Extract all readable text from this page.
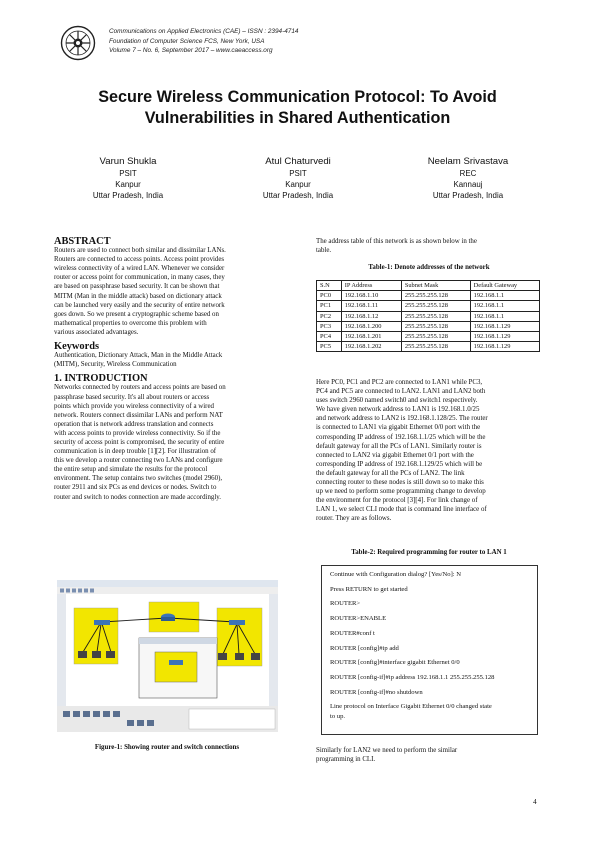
Communications on Applied Electronics (CAE) – ISSN : 2394-4714
Foundation of Computer Science FCS, New York, USA
Volume 7 – No. 6, September 2017 – www.caeaccess.org
Secure Wireless Communication Protocol: To Avoid
Vulnerabilities in Shared Authentication
Varun Shukla
PSIT
Kanpur
Uttar Pradesh, India
Atul Chaturvedi
PSIT
Kanpur
Uttar Pradesh, India
Neelam Srivastava
REC
Kannauj
Uttar Pradesh, India
ABSTRACT
Routers are used to connect both similar and dissimilar LANs.
Routers are connected to access points. Access point provides
wireless connectivity of a wired LAN. Whenever we consider
router or access point for communication, in many cases, they
are based on passphrase based security. It can be shown that
MITM (Man in the middle attack) based on dictionary attack
can be launched very easily and the security of entire network
goes down. So we present a cryptographic scheme based on
mathematical properties to overcome this problem with
various associated advantages.
Keywords
Authentication, Dictionary Attack, Man in the Middle Attack
(MITM), Security, Wireless Communication
1. INTRODUCTION
Networks connected by routers and access points are based on
passphrase based security. It's all about routers or access
points which provide you wireless connectivity of a wired
network. Routers connect dissimilar LANs and perform NAT
operation that is network address translation and connects
with access points to provide wireless connectivity. So if the
security of access point is compromised, the security of entire
communication is in deep trouble [1][2]. For illustration of
this we develop a router connecting two LANs and configure
the entire setup and simulate the results for the protocol
environment. The setup contains two switches (model 2960),
router 2911 and six PCs as end devices or nodes. Switch to
router and switch to nodes connection are made accordingly.
Figure-1: Showing router and switch connections
The address table of this network is as shown below in the
table.
Table-1: Denote addresses of the network
S.N	IP Address	Subnet Mask	Default Gateway
PC0	192.168.1.10	255.255.255.128	192.168.1.1
PC1	192.168.1.11	255.255.255.128	192.168.1.1
PC2	192.168.1.12	255.255.255.128	192.168.1.1
PC3	192.168.1.200	255.255.255.128	192.168.1.129
PC4	192.168.1.201	255.255.255.128	192.168.1.129
PC5	192.168.1.202	255.255.255.128	192.168.1.129
Here PC0, PC1 and PC2 are connected to LAN1 while PC3,
PC4 and PC5 are connected to LAN2. LAN1 and LAN2 both
uses switch 2960 named switch0 and switch1 respectively.
We have given network address to LAN1 is 192.168.1.0/25
and network address to LAN2 is 192.168.1.128/25. The router
is connected to LAN1 via gigabit Ethernet 0/0 port with the
corresponding IP address of 192.168.1.1/25 which will be the
default gateway for all the PCs of LAN1. Similarly router is
connected to LAN2 via gigabit Ethernet 0/1 port with the
corresponding IP address of 192.168.1.129/25 which will be
the default gateway for all the PCs of LAN2. The link
connecting router to these nodes is still down so to make this
up we need to perform some programming change to develop
the environment for the protocol [3][4]. For link change of
LAN 1, we select CLI mode that is command line interface of
router. They are as follows.
Table-2: Required programming for router to LAN 1
Continue with Configuration dialog? [Yes/No]: N
Press RETURN to get started
ROUTER>
ROUTER>ENABLE
ROUTER#conf t
ROUTER [config]#ip add
ROUTER [config]#interface gigabit Ethernet 0/0
ROUTER [config-if]#ip address 192.168.1.1 255.255.255.128
ROUTER [config-if]#no shutdown
Line protocol on Interface Gigabit Ethernet 0/0 changed state
to up.
Similarly for LAN2 we need to perform the similar
programming in CLI.
4
